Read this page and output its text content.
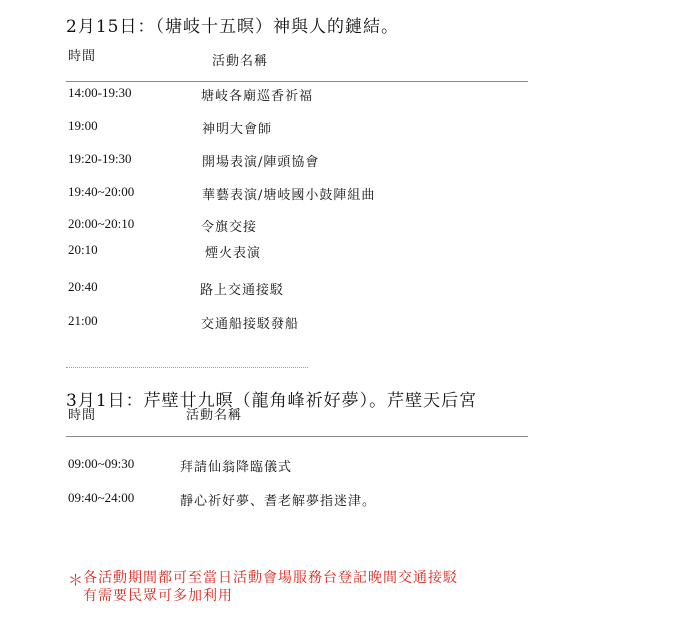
2月15日：（塘岐十五暝）神與人的鏈結。
時間	活動名稱
14:00-19:30	塘岐各廟巡香祈福
19:00	神明大會師
19:20-19:30	開場表演/陣頭協會
19:40~20:00	華藝表演/塘岐國小鼓陣組曲
20:00~20:10	令旗交接
20:10	煙火表演
20:40	路上交通接駁
21:00	交通船接駁發船
3月1日：芹壁廿九暝（龍角峰祈好夢）。芹壁天后宮
時間	活動名稱
09:00~09:30	拜請仙翁降臨儀式
09:40~24:00	靜心祈好夢、耆老解夢指迷津。
＊ 各活動期間都可至當日活動會場服務台登記晚間交通接駁
有需要民眾可多加利用
